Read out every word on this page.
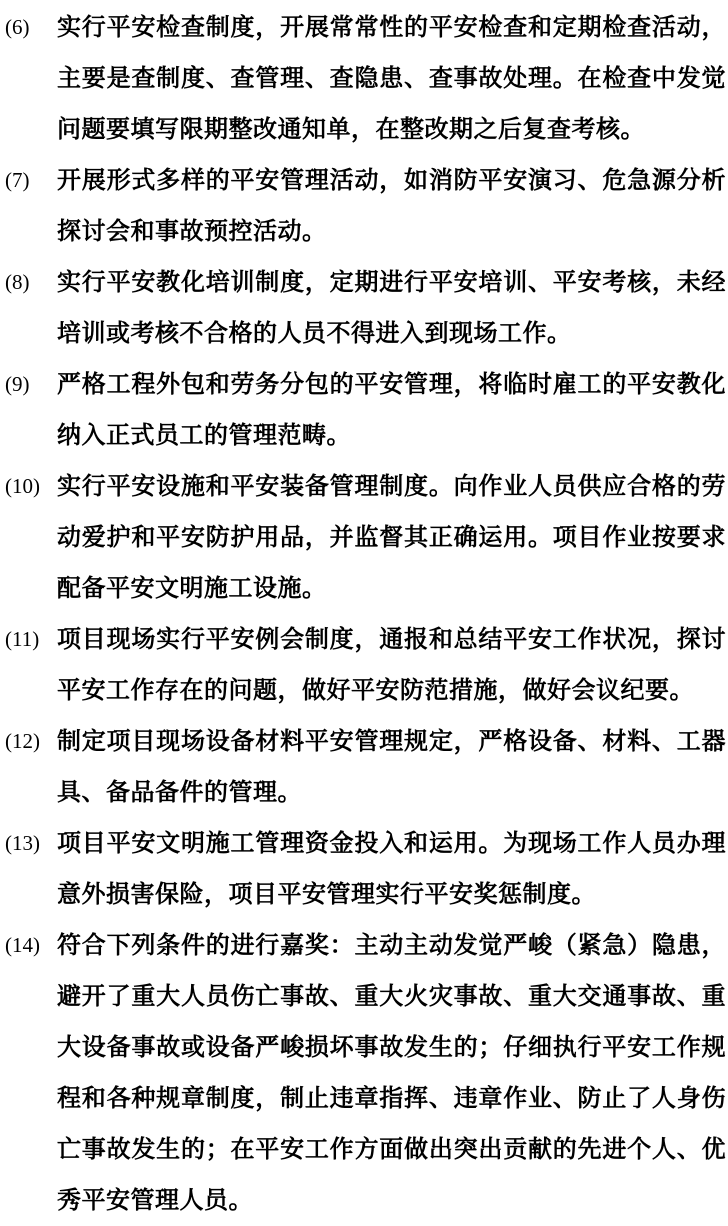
(6)	实行平安检查制度，开展常常性的平安检查和定期检查活动，主要是查制度、查管理、查隐患、查事故处理。在检查中发觉问题要填写限期整改通知单，在整改期之后复查考核。
(7)	开展形式多样的平安管理活动，如消防平安演习、危急源分析探讨会和事故预控活动。
(8)	实行平安教化培训制度，定期进行平安培训、平安考核，未经培训或考核不合格的人员不得进入到现场工作。
(9)	严格工程外包和劳务分包的平安管理，将临时雇工的平安教化纳入正式员工的管理范畴。
(10) 实行平安设施和平安装备管理制度。向作业人员供应合格的劳动爱护和平安防护用品，并监督其正确运用。项目作业按要求配备平安文明施工设施。
(11) 项目现场实行平安例会制度，通报和总结平安工作状况，探讨平安工作存在的问题，做好平安防范措施，做好会议纪要。
(12) 制定项目现场设备材料平安管理规定，严格设备、材料、工器具、备品备件的管理。
(13) 项目平安文明施工管理资金投入和运用。为现场工作人员办理意外损害保险，项目平安管理实行平安奖惩制度。
(14) 符合下列条件的进行嘉奖：主动主动发觉严峻（紧急）隐患，避开了重大人员伤亡事故、重大火灾事故、重大交通事故、重大设备事故或设备严峻损坏事故发生的；仔细执行平安工作规程和各种规章制度，制止违章指挥、违章作业、防止了人身伤亡事故发生的；在平安工作方面做出突出贡献的先进个人、优秀平安管理人员。
